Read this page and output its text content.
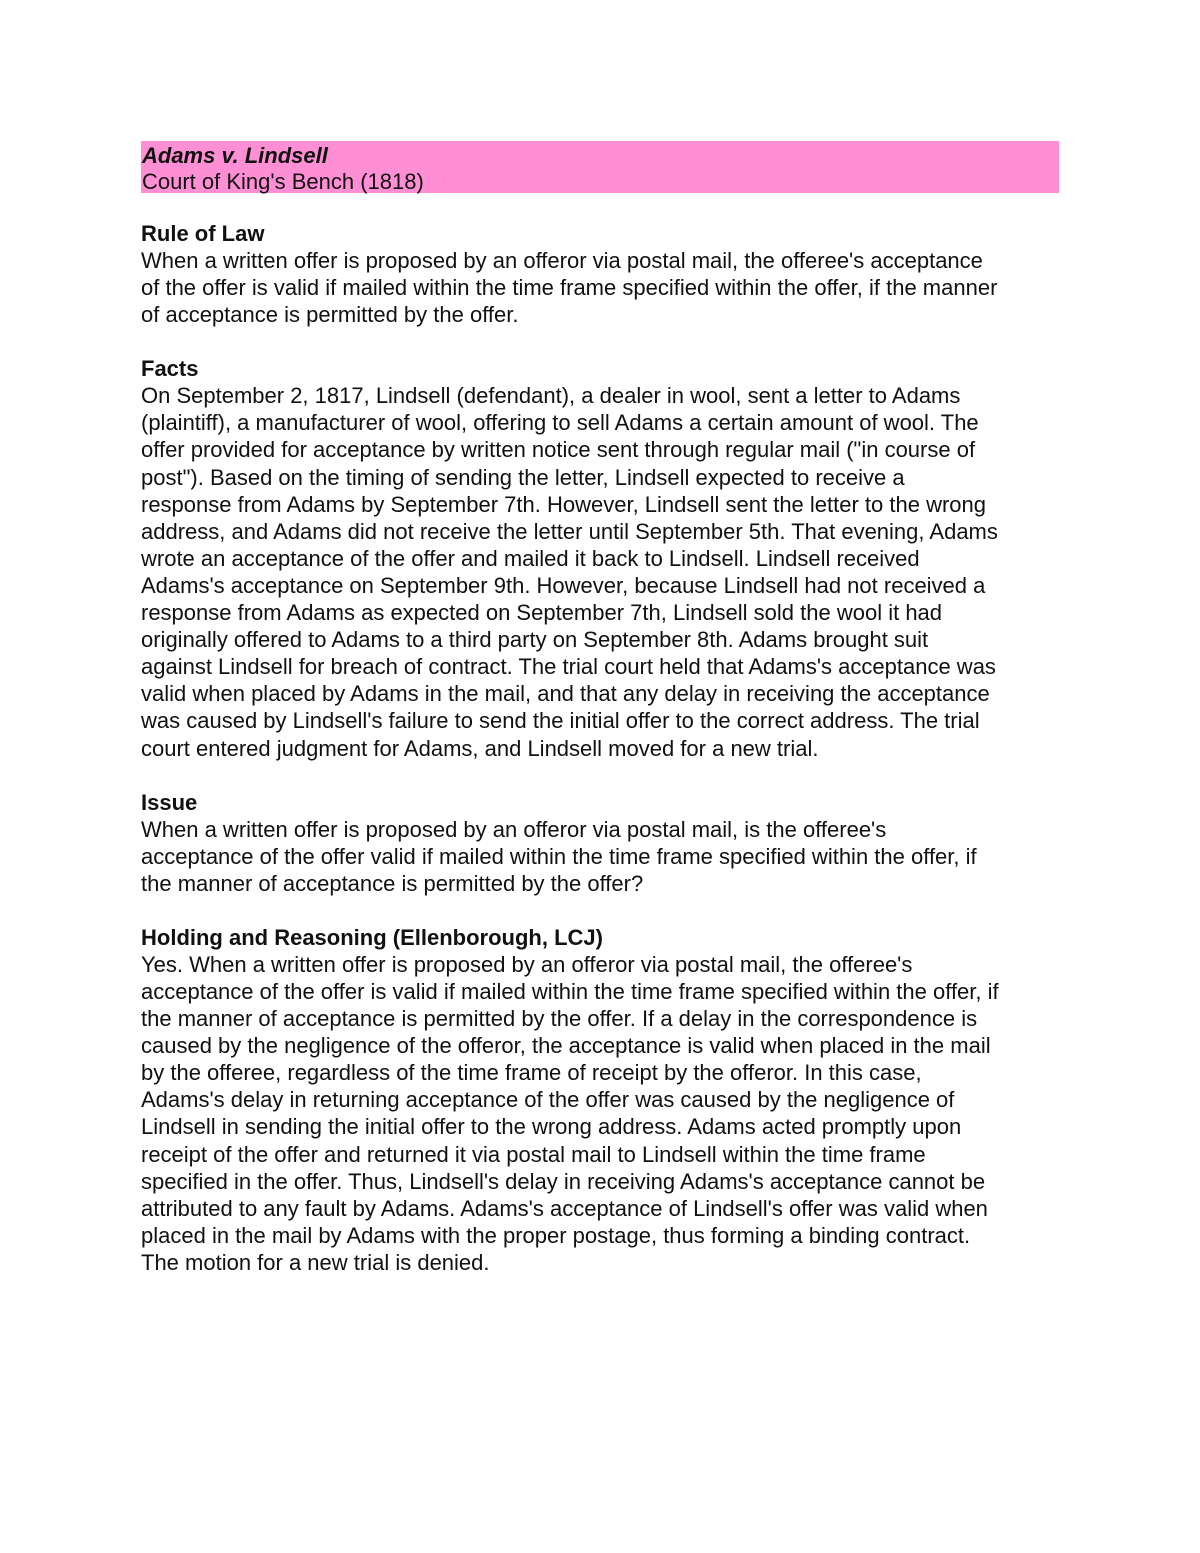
Adams v. Lindsell
Court of King's Bench (1818)
Rule of Law
When a written offer is proposed by an offeror via postal mail, the offeree's acceptance
of the offer is valid if mailed within the time frame specified within the offer, if the manner
of acceptance is permitted by the offer.
Facts
On September 2, 1817, Lindsell (defendant), a dealer in wool, sent a letter to Adams
(plaintiff), a manufacturer of wool, offering to sell Adams a certain amount of wool. The
offer provided for acceptance by written notice sent through regular mail ("in course of
post"). Based on the timing of sending the letter, Lindsell expected to receive a
response from Adams by September 7th. However, Lindsell sent the letter to the wrong
address, and Adams did not receive the letter until September 5th. That evening, Adams
wrote an acceptance of the offer and mailed it back to Lindsell. Lindsell received
Adams's acceptance on September 9th. However, because Lindsell had not received a
response from Adams as expected on September 7th, Lindsell sold the wool it had
originally offered to Adams to a third party on September 8th. Adams brought suit
against Lindsell for breach of contract. The trial court held that Adams's acceptance was
valid when placed by Adams in the mail, and that any delay in receiving the acceptance
was caused by Lindsell's failure to send the initial offer to the correct address. The trial
court entered judgment for Adams, and Lindsell moved for a new trial.
Issue
When a written offer is proposed by an offeror via postal mail, is the offeree's
acceptance of the offer valid if mailed within the time frame specified within the offer, if
the manner of acceptance is permitted by the offer?
Holding and Reasoning (Ellenborough, LCJ)
Yes. When a written offer is proposed by an offeror via postal mail, the offeree's
acceptance of the offer is valid if mailed within the time frame specified within the offer, if
the manner of acceptance is permitted by the offer. If a delay in the correspondence is
caused by the negligence of the offeror, the acceptance is valid when placed in the mail
by the offeree, regardless of the time frame of receipt by the offeror. In this case,
Adams's delay in returning acceptance of the offer was caused by the negligence of
Lindsell in sending the initial offer to the wrong address. Adams acted promptly upon
receipt of the offer and returned it via postal mail to Lindsell within the time frame
specified in the offer. Thus, Lindsell's delay in receiving Adams's acceptance cannot be
attributed to any fault by Adams. Adams's acceptance of Lindsell's offer was valid when
placed in the mail by Adams with the proper postage, thus forming a binding contract.
The motion for a new trial is denied.
